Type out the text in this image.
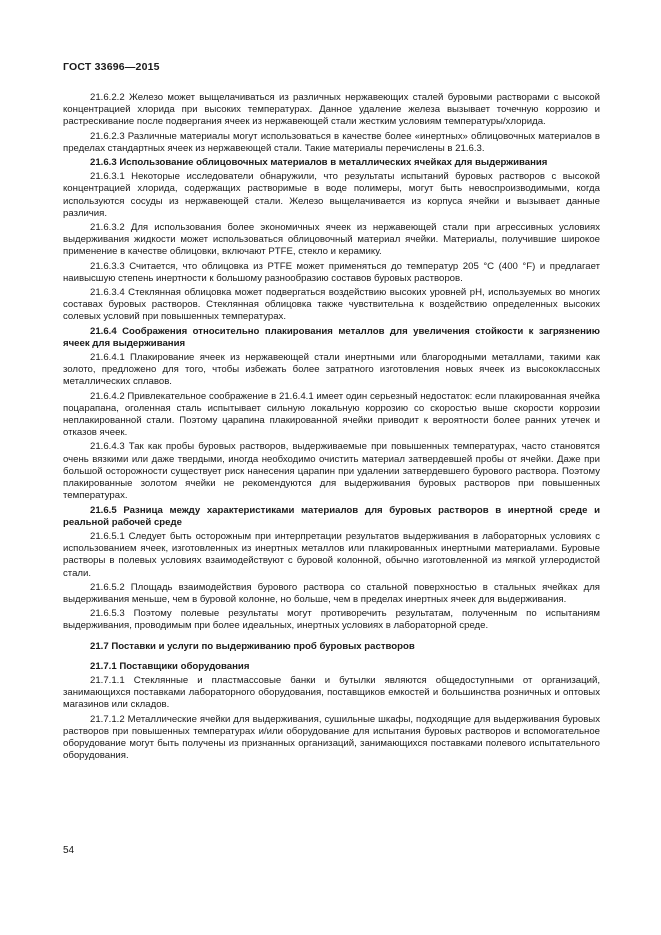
ГОСТ 33696—2015

21.6.2.2 Железо может выщелачиваться из различных нержавеющих сталей буровыми растворами с высокой концентрацией хлорида при высоких температурах. Данное удаление железа вызывает точечную коррозию и растрескивание после подвергания ячеек из нержавеющей стали жестким условиям температуры/хлорида.

21.6.2.3 Различные материалы могут использоваться в качестве более «инертных» облицовочных материалов в пределах стандартных ячеек из нержавеющей стали. Такие материалы перечислены в 21.6.3.

21.6.3 Использование облицовочных материалов в металлических ячейках для выдерживания

21.6.3.1 Некоторые исследователи обнаружили, что результаты испытаний буровых растворов с высокой концентрацией хлорида, содержащих растворимые в воде полимеры, могут быть невоспроизводимыми, когда используются сосуды из нержавеющей стали. Железо выщелачивается из корпуса ячейки и вызывает данные различия.

21.6.3.2 Для использования более экономичных ячеек из нержавеющей стали при агрессивных условиях выдерживания жидкости может использоваться облицовочный материал ячейки. Материалы, получившие широкое применение в качестве облицовки, включают PTFE, стекло и керамику.

21.6.3.3 Считается, что облицовка из PTFE может применяться до температур 205 °C (400 °F) и предлагает наивысшую степень инертности к большому разнообразию составов буровых растворов.

21.6.3.4 Стеклянная облицовка может подвергаться воздействию высоких уровней pH, используемых во многих составах буровых растворов. Стеклянная облицовка также чувствительна к воздействию определенных высоких солевых условий при повышенных температурах.

21.6.4 Соображения относительно плакирования металлов для увеличения стойкости к загрязнению ячеек для выдерживания

21.6.4.1 Плакирование ячеек из нержавеющей стали инертными или благородными металлами, такими как золото, предложено для того, чтобы избежать более затратного изготовления новых ячеек из высококлассных металлических сплавов.

21.6.4.2 Привлекательное соображение в 21.6.4.1 имеет один серьезный недостаток: если плакированная ячейка поцарапана, оголенная сталь испытывает сильную локальную коррозию со скоростью выше скорости коррозии неплакированной стали. Поэтому царапина плакированной ячейки приводит к вероятности более ранних утечек и отказов ячеек.

21.6.4.3 Так как пробы буровых растворов, выдерживаемые при повышенных температурах, часто становятся очень вязкими или даже твердыми, иногда необходимо очистить материал затвердевшей пробы от ячейки. Даже при большой осторожности существует риск нанесения царапин при удалении затвердевшего бурового раствора. Поэтому плакированные золотом ячейки не рекомендуются для выдерживания буровых растворов при повышенных температурах.

21.6.5 Разница между характеристиками материалов для буровых растворов в инертной среде и реальной рабочей среде

21.6.5.1 Следует быть осторожным при интерпретации результатов выдерживания в лабораторных условиях с использованием ячеек, изготовленных из инертных металлов или плакированных инертными материалами. Буровые растворы в полевых условиях взаимодействуют с буровой колонной, обычно изготовленной из мягкой углеродистой стали.

21.6.5.2 Площадь взаимодействия бурового раствора со стальной поверхностью в стальных ячейках для выдерживания меньше, чем в буровой колонне, но больше, чем в пределах инертных ячеек для выдерживания.

21.6.5.3 Поэтому полевые результаты могут противоречить результатам, полученным по испытаниям выдерживания, проводимым при более идеальных, инертных условиях в лабораторной среде.

21.7 Поставки и услуги по выдерживанию проб буровых растворов

21.7.1 Поставщики оборудования

21.7.1.1 Стеклянные и пластмассовые банки и бутылки являются общедоступными от организаций, занимающихся поставками лабораторного оборудования, поставщиков емкостей и большинства розничных и оптовых магазинов или складов.

21.7.1.2 Металлические ячейки для выдерживания, сушильные шкафы, подходящие для выдерживания буровых растворов при повышенных температурах и/или оборудование для испытания буровых растворов и вспомогательное оборудование могут быть получены из признанных организаций, занимающихся поставками полевого испытательного оборудования.

54
